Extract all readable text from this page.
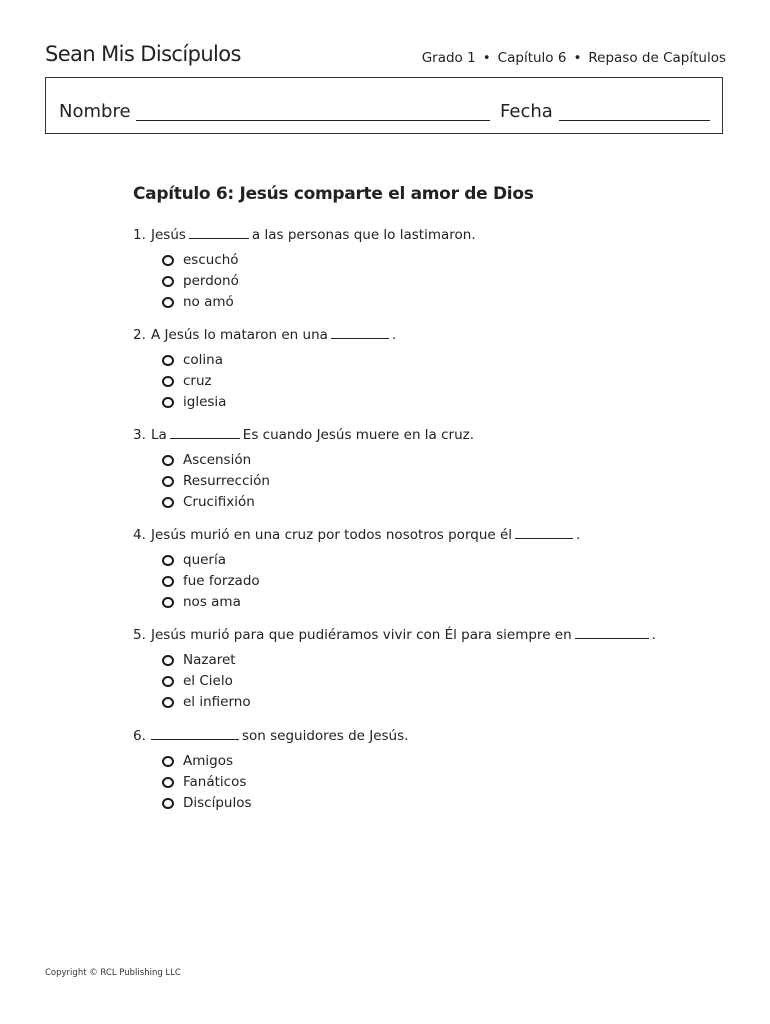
Sean Mis Discípulos	Grado 1 • Capítulo 6 • Repaso de Capítulos
Nombre	Fecha
Capítulo 6: Jesús comparte el amor de Dios
1. Jesús	a las personas que lo lastimaron.
escuchó
perdonó
no amó
2. A Jesús lo mataron en una	.
colina
cruz
iglesia
3. La	Es cuando Jesús muere en la cruz.
Ascensión
Resurrección
Crucifixión
4. Jesús murió en una cruz por todos nosotros porque él	.
quería
fue forzado
nos ama
5. Jesús murió para que pudiéramos vivir con Él para siempre en	.
Nazaret
el Cielo
el infierno
6.	son seguidores de Jesús.
Amigos
Fanáticos
Discípulos
Copyright © RCL Publishing LLC
